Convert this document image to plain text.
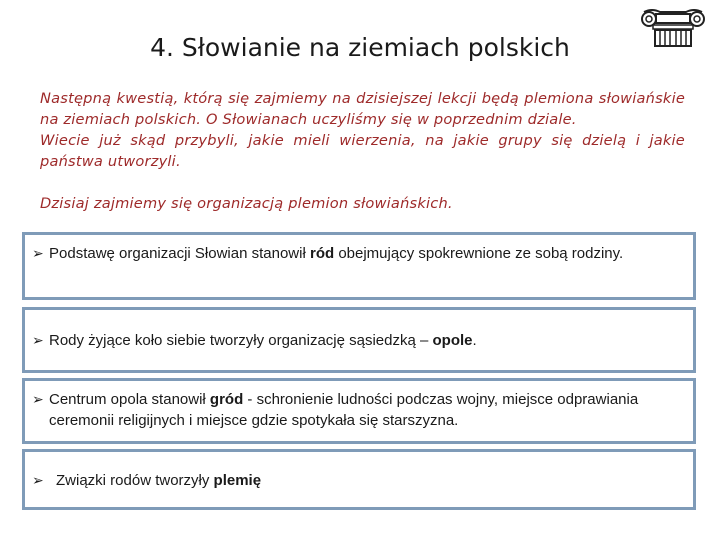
4. Słowianie na ziemiach polskich

Następną kwestią, którą się zajmiemy na dzisiejszej lekcji będą plemiona słowiańskie na ziemiach polskich. O Słowianach uczyliśmy się w poprzednim dziale.

Wiecie już skąd przybyli, jakie mieli wierzenia, na jakie grupy się dzielą i jakie państwa utworzyli.

Dzisiaj zajmiemy się organizacją plemion słowiańskich.

➢ Podstawę organizacji Słowian stanowił ród obejmujący spokrewnione ze sobą rodziny.
➢ Rody żyjące koło siebie tworzyły organizację sąsiedzką – opole.
➢ Centrum opola stanowił gród - schronienie ludności podczas wojny, miejsce odprawiania ceremonii religijnych i miejsce gdzie spotykała się starszyzna.
➢ Związki rodów tworzyły plemię
